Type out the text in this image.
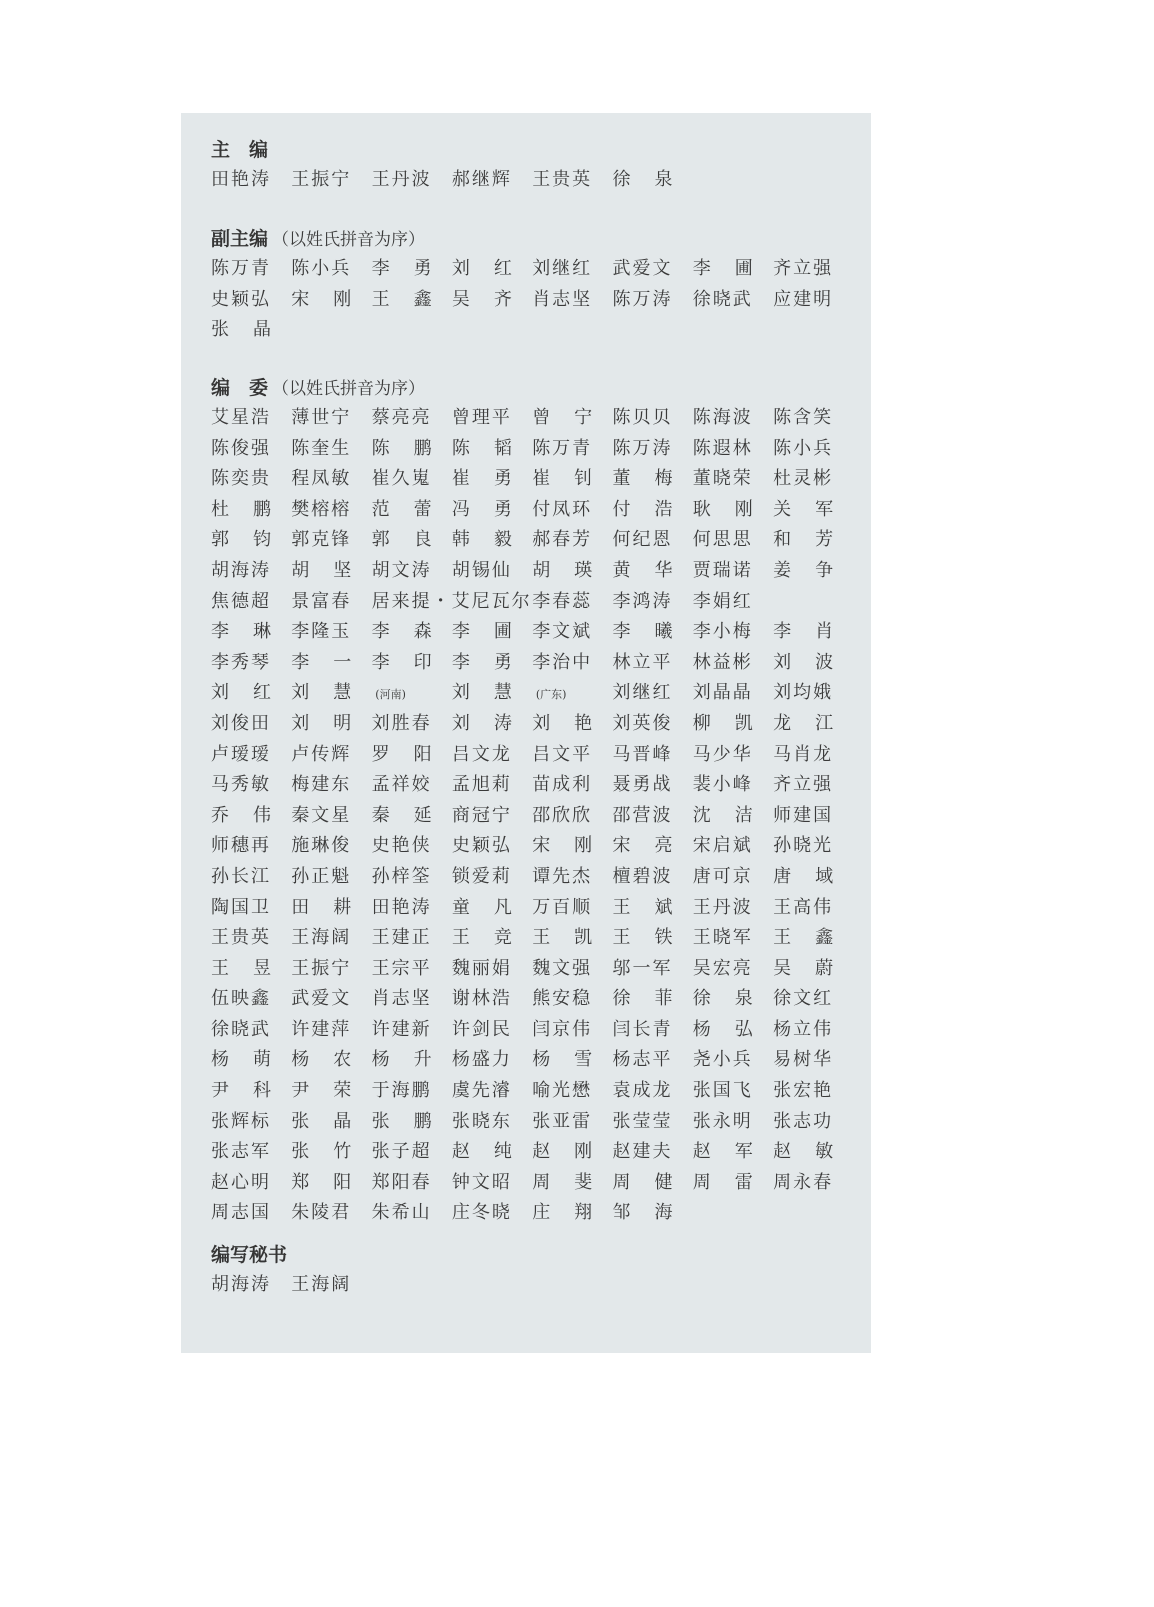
主　编
田艳涛 王振宁 王丹波 郝继辉 王贵英 徐泉
副主编 （以姓氏拼音为序）
陈万青 陈小兵 李勇
刘红
刘继红 武爱文 李圃
齐立强
史颖弘 宋刚
王鑫
吴齐
肖志坚 陈万涛 徐晓武 应建明
张晶
编　委 （以姓氏拼音为序）
艾星浩 薄世宁 蔡亮亮 曾理平 曾宁
陈贝贝 陈海波 陈含笑
陈俊强 陈奎生 陈鹏
陈韬
陈万青 陈万涛 陈遐林 陈小兵
陈奕贵 程凤敏 崔久嵬 崔勇
崔钊
董梅
董晓荣 杜灵彬
杜鹏
樊榕榕 范蕾
冯勇
付凤环 付浩
耿刚
关军
郭钧
郭克锋 郭良
韩毅
郝春芳 何纪恩 何思思 和芳
胡海涛 胡坚
胡文涛 胡锡仙 胡瑛
黄华
贾瑞诺 姜争
焦德超 景富春 居来提・艾尼瓦尔 李春蕊 李鸿涛 李娟红
李琳
李隆玉 李森
李圃
李文斌 李曦
李小梅 李肖
李秀琴 李一
李印
李勇
李治中 林立平 林益彬 刘波
刘红
刘慧(河南)	刘慧(广东)	刘继红 刘晶晶 刘均娥
刘俊田 刘明
刘胜春 刘涛
刘艳
刘英俊 柳凯
龙江
卢瑷瑷 卢传辉 罗阳
吕文龙 吕文平 马晋峰 马少华 马肖龙
马秀敏 梅建东 孟祥姣 孟旭莉 苗成利 聂勇战 裴小峰 齐立强
乔伟
秦文星 秦延
商冠宁 邵欣欣 邵营波 沈洁
师建国
师穗再 施琳俊 史艳侠 史颖弘 宋刚
宋亮
宋启斌 孙晓光
孙长江 孙正魁 孙梓筌 锁爱莉 谭先杰 檀碧波 唐可京 唐域
陶国卫 田耕
田艳涛 童凡
万百顺 王斌
王丹波 王高伟
王贵英 王海阔 王建正 王竞
王凯
王铁
王晓军 王鑫
王昱
王振宁 王宗平 魏丽娟 魏文强 邬一军 吴宏亮 吴蔚
伍映鑫 武爱文 肖志坚 谢林浩 熊安稳 徐菲
徐泉
徐文红
徐晓武 许建萍 许建新 许剑民 闫京伟 闫长青 杨弘
杨立伟
杨萌
杨农
杨升
杨盛力 杨雪
杨志平 尧小兵 易树华
尹科
尹荣
于海鹏 虞先濬 喻光懋 袁成龙 张国飞 张宏艳
张辉标 张晶
张鹏
张晓东 张亚雷 张莹莹 张永明 张志功
张志军 张竹
张子超 赵纯
赵刚
赵建夫 赵军
赵敏
赵心明 郑阳
郑阳春 钟文昭 周斐
周健
周雷
周永春
周志国 朱陵君 朱希山 庄冬晓 庄翔
邹海
编写秘书
胡海涛 王海阔
